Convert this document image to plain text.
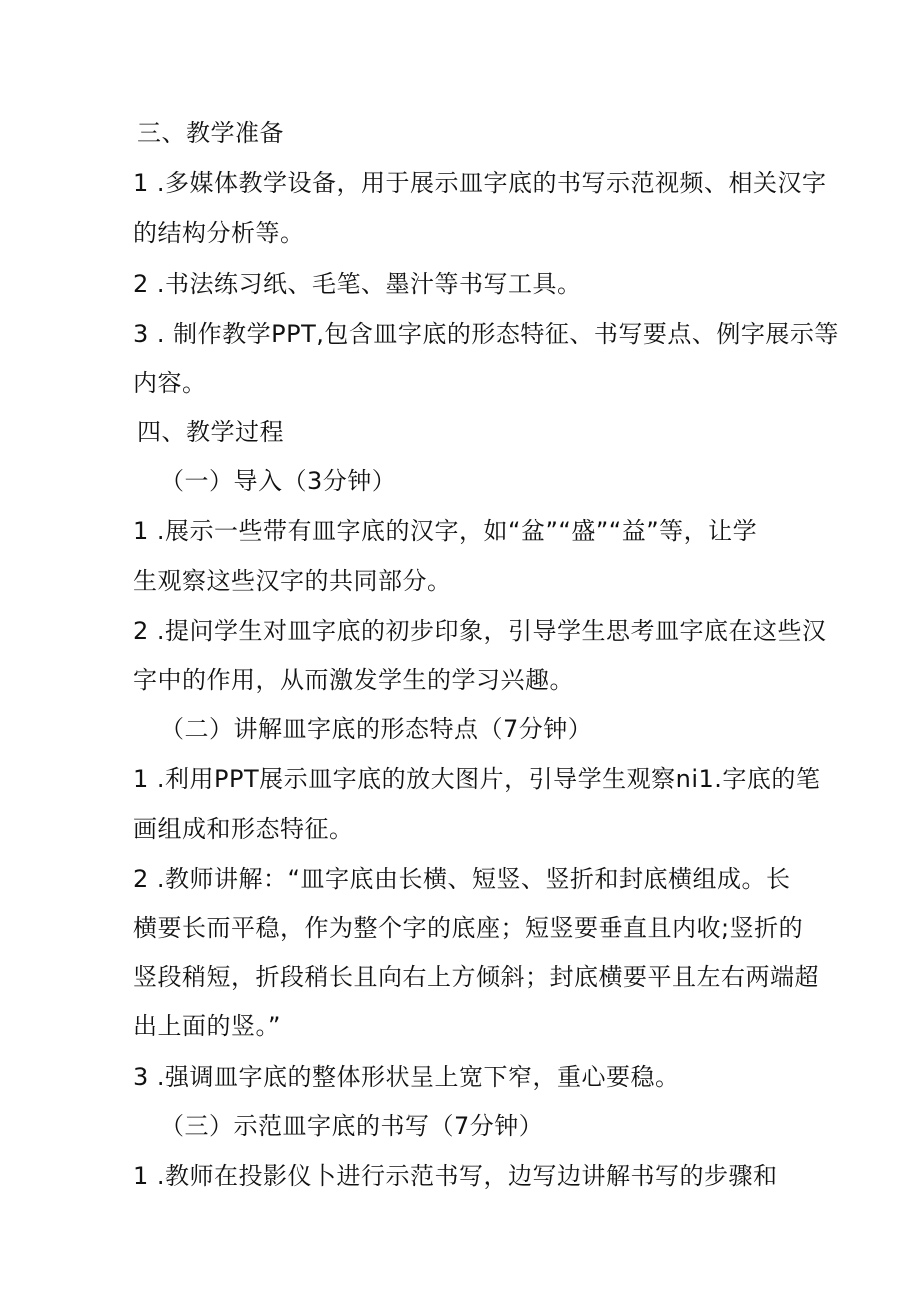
三、教学准备
1 .多媒体教学设备，用于展示皿字底的书写示范视频、相关汉字
的结构分析等。
2 .书法练习纸、毛笔、墨汁等书写工具。
3 . 制作教学PPT,包含皿字底的形态特征、书写要点、例字展示等
内容。
四、教学过程
（一）导入（3分钟）
1 .展示一些带有皿字底的汉字，如“盆”“盛”“益”等，让学
生观察这些汉字的共同部分。
2 .提问学生对皿字底的初步印象，引导学生思考皿字底在这些汉
字中的作用，从而激发学生的学习兴趣。
（二）讲解皿字底的形态特点（7分钟）
1 .利用PPT展示皿字底的放大图片，引导学生观察ni1.字底的笔
画组成和形态特征。
2 .教师讲解：“皿字底由长横、短竖、竖折和封底横组成。长
横要长而平稳，作为整个字的底座；短竖要垂直且内收;竖折的
竖段稍短，折段稍长且向右上方倾斜；封底横要平且左右两端超
出上面的竖。”
3 .强调皿字底的整体形状呈上宽下窄，重心要稳。
（三）示范皿字底的书写（7分钟）
1 .教师在投影仪卜进行示范书写，边写边讲解书写的步骤和
